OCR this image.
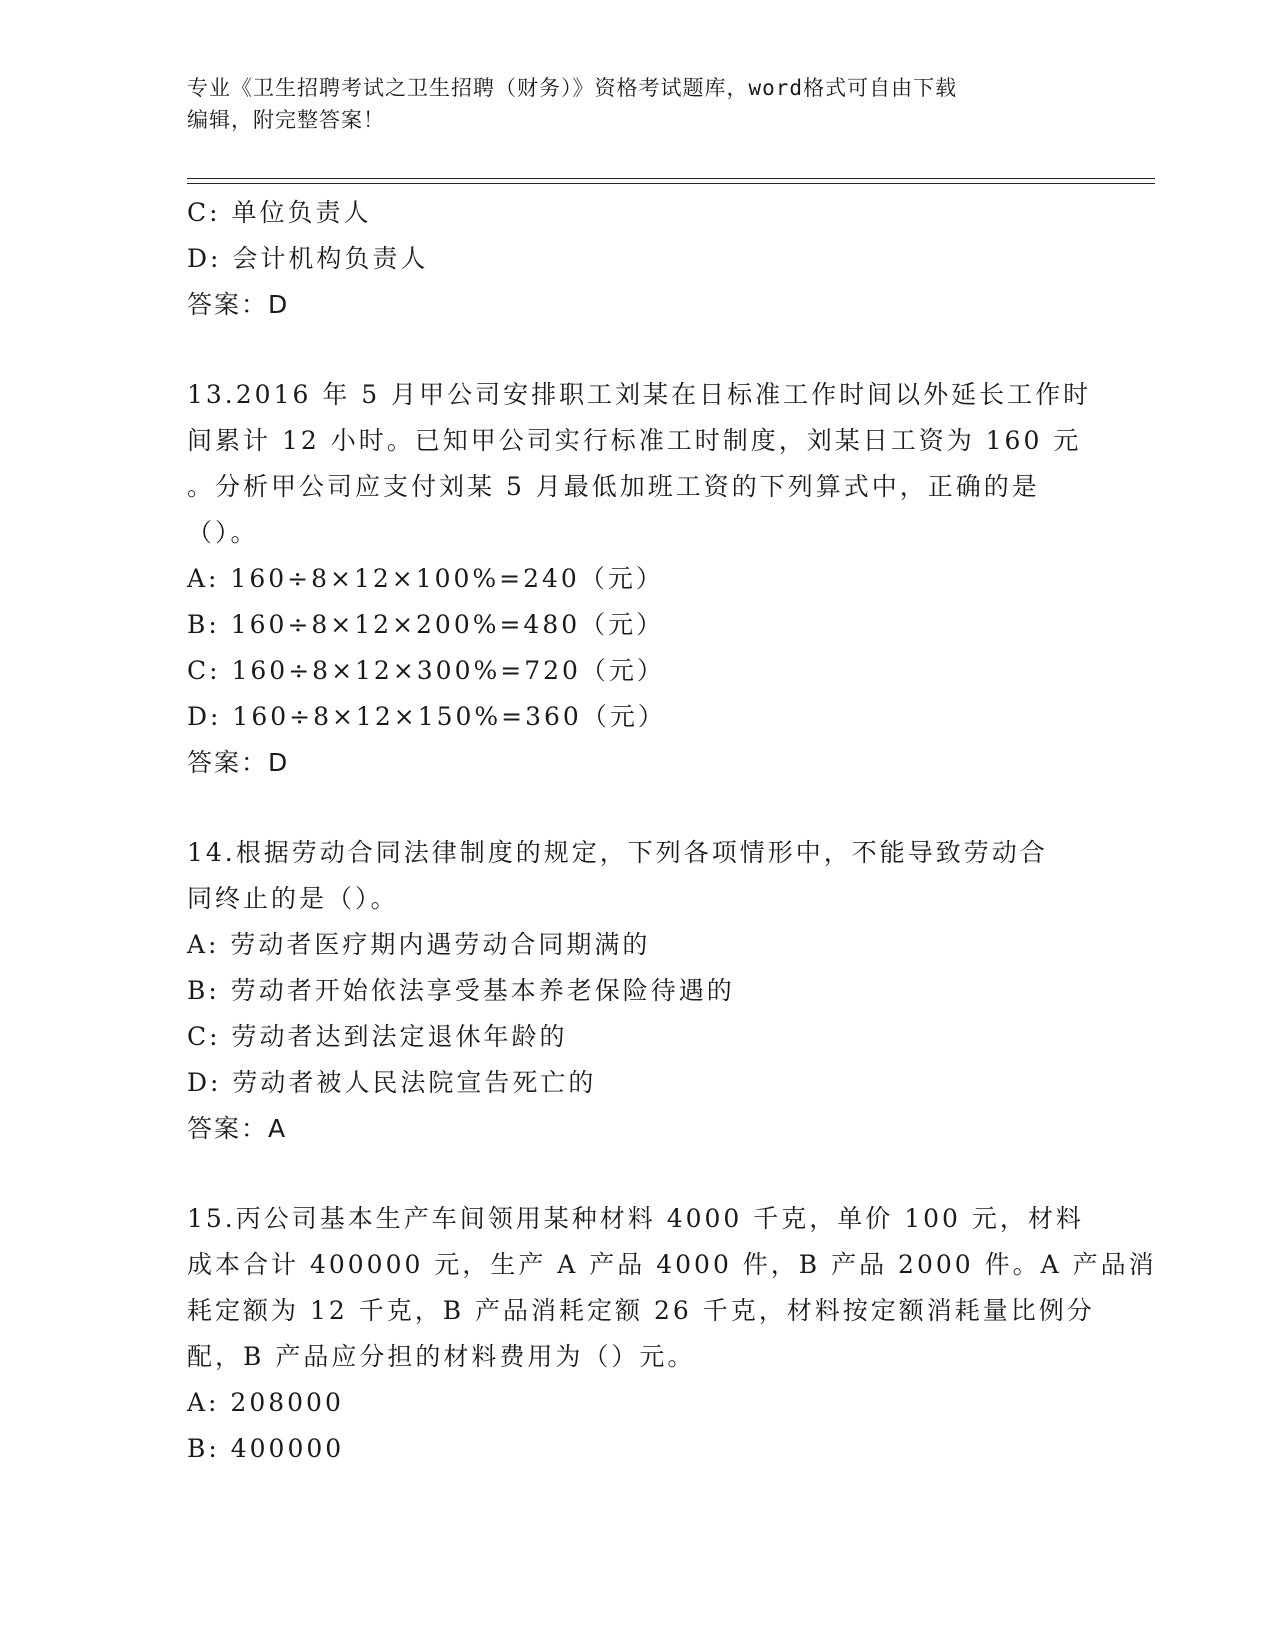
专业《卫生招聘考试之卫生招聘（财务）》资格考试题库，word格式可自由下载
编辑，附完整答案！
C: 单位负责人
D: 会计机构负责人
答案：D
13.2016 年 5 月甲公司安排职工刘某在日标准工作时间以外延长工作时
间累计 12 小时。已知甲公司实行标准工时制度，刘某日工资为 160 元
。分析甲公司应支付刘某 5 月最低加班工资的下列算式中，正确的是
（）。
A: 160÷8×12×100%=240（元）
B: 160÷8×12×200%=480（元）
C: 160÷8×12×300%=720（元）
D: 160÷8×12×150%=360（元）
答案：D
14.根据劳动合同法律制度的规定，下列各项情形中，不能导致劳动合
同终止的是（）。
A: 劳动者医疗期内遇劳动合同期满的
B: 劳动者开始依法享受基本养老保险待遇的
C: 劳动者达到法定退休年龄的
D: 劳动者被人民法院宣告死亡的
答案：A
15.丙公司基本生产车间领用某种材料 4000 千克，单价 100 元，材料
成本合计 400000 元，生产 A 产品 4000 件，B 产品 2000 件。A 产品消
耗定额为 12 千克，B 产品消耗定额 26 千克，材料按定额消耗量比例分
配，B 产品应分担的材料费用为（）元。
A: 208000
B: 400000
